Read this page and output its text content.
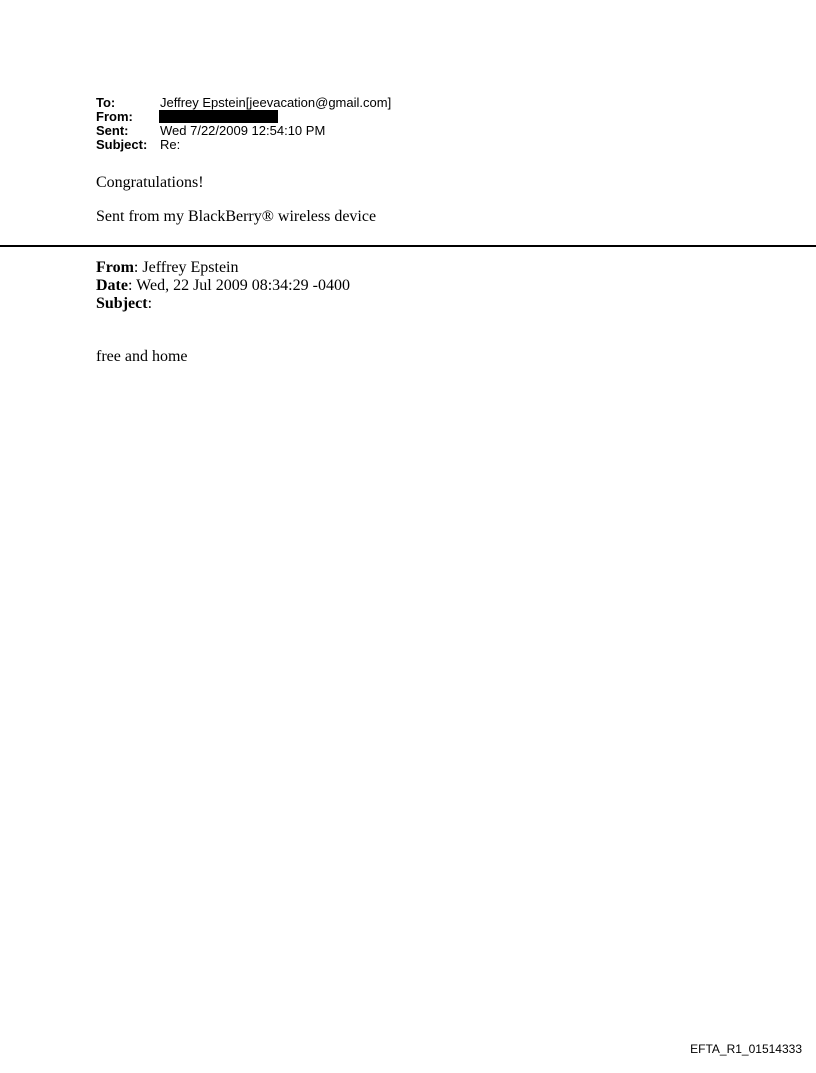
To:	Jeffrey Epstein[jeevacation@gmail.com]
From:
Sent:	Wed 7/22/2009 12:54:10 PM
Subject: Re:
Congratulations!
Sent from my BlackBerry® wireless device
From: Jeffrey Epstein
Date: Wed, 22 Jul 2009 08:34:29 -0400
Subject:
free and home
EFTA_R1_01514333
